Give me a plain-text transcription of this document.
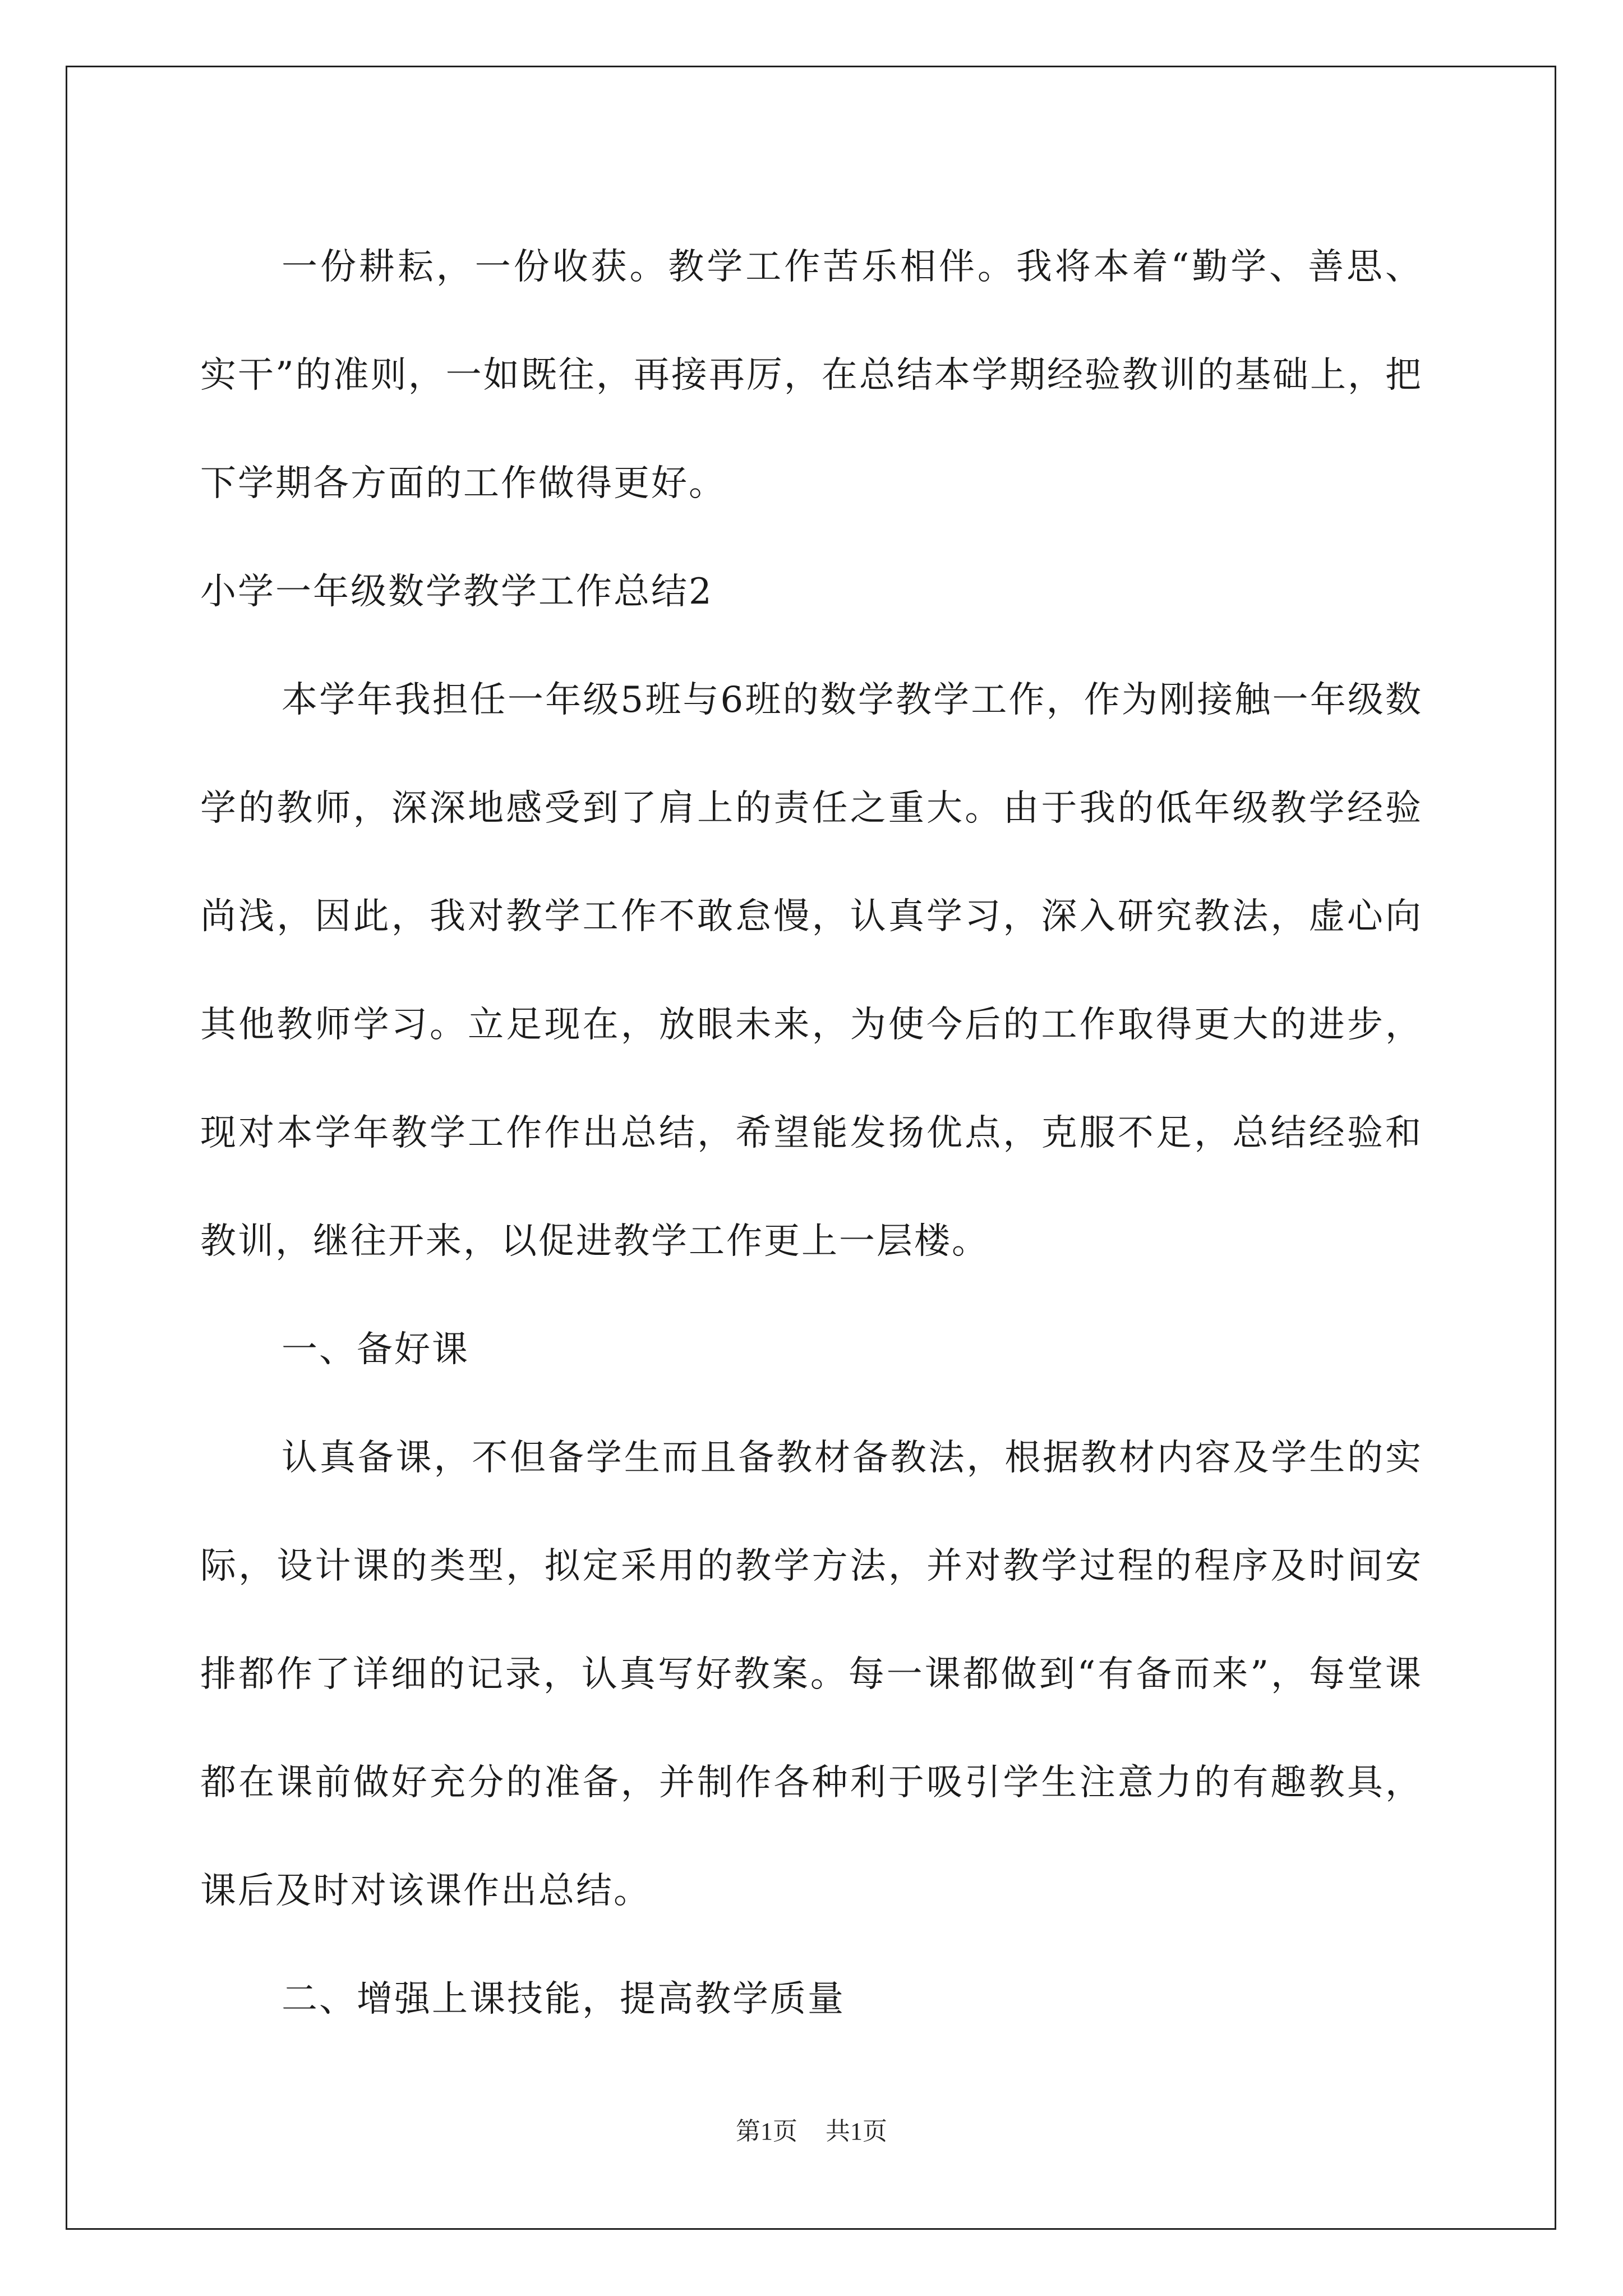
一份耕耘，一份收获。教学工作苦乐相伴。我将本着“勤学、善思、实干”的准则，一如既往，再接再厉，在总结本学期经验教训的基础上，把下学期各方面的工作做得更好。

小学一年级数学教学工作总结2

本学年我担任一年级5班与6班的数学教学工作，作为刚接触一年级数学的教师，深深地感受到了肩上的责任之重大。由于我的低年级教学经验尚浅，因此，我对教学工作不敢怠慢，认真学习，深入研究教法，虚心向其他教师学习。立足现在，放眼未来，为使今后的工作取得更大的进步，现对本学年教学工作作出总结，希望能发扬优点，克服不足，总结经验和教训，继往开来，以促进教学工作更上一层楼。

一、备好课

认真备课，不但备学生而且备教材备教法，根据教材内容及学生的实际，设计课的类型，拟定采用的教学方法，并对教学过程的程序及时间安排都作了详细的记录，认真写好教案。每一课都做到“有备而来”，每堂课都在课前做好充分的准备，并制作各种利于吸引学生注意力的有趣教具，课后及时对该课作出总结。

二、增强上课技能，提高教学质量

第1页 共1页
